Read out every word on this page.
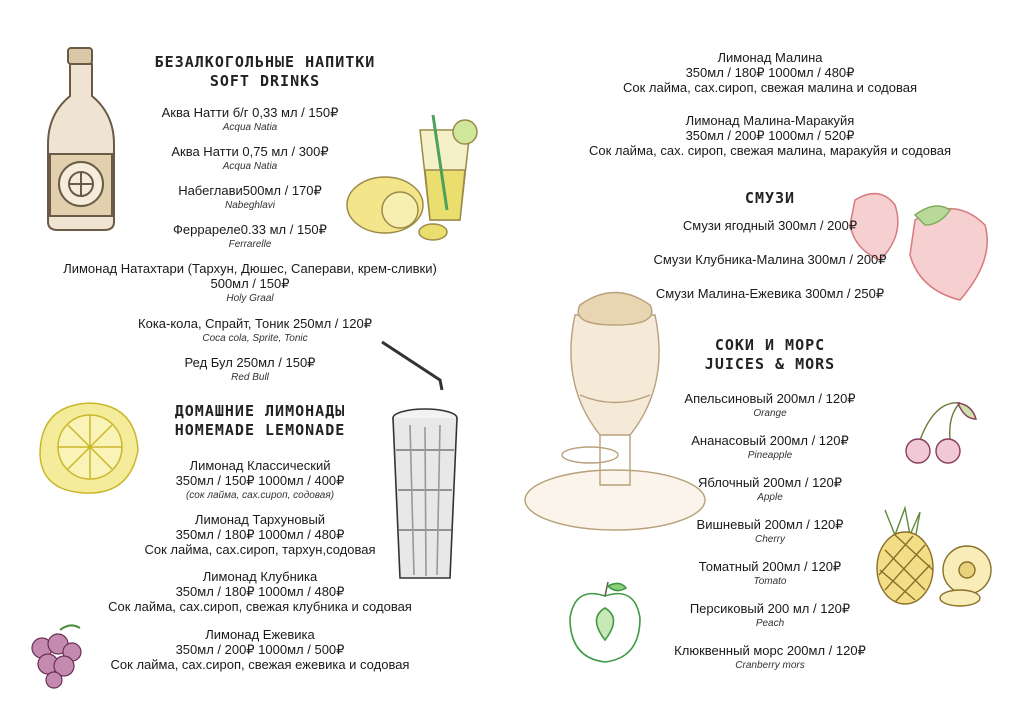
БЕЗАЛКОГОЛЬНЫЕ НАПИТКИ
SOFT DRINKS
Аква Натти б/г 0,33 мл / 150₽
Acqua Natia
Аква Натти 0,75 мл / 300₽
Acqua Natia
Набеглави500мл / 170₽
Nabeghlavi
Феррареле0.33 мл / 150₽
Ferrarelle
Лимонад Натахтари (Тархун, Дюшес, Саперави, крем-сливки)
500мл / 150₽
Holy Graal
Кока-кола, Спрайт, Тоник 250мл / 120₽
Coca cola, Sprite, Tonic
Ред Бул 250мл / 150₽
Red Bull
ДОМАШНИЕ ЛИМОНАДЫ
HOMEMADE LEMONADE
Лимонад Классический
350мл / 150₽ 1000мл / 400₽
(сок лайма, сах.сироп, содовая)
Лимонад Тархуновый
350мл / 180₽ 1000мл / 480₽
Сок лайма, сах.сироп, тархун,содовая
Лимонад Клубника
350мл / 180₽ 1000мл / 480₽
Сок лайма, сах.сироп, свежая клубника и содовая
Лимонад Ежевика
350мл / 200₽ 1000мл / 500₽
Сок лайма, сах.сироп, свежая ежевика и содовая
Лимонад Малина
350мл / 180₽ 1000мл / 480₽
Сок лайма, сах.сироп, свежая малина и содовая
Лимонад Малина-Маракуйя
350мл / 200₽ 1000мл / 520₽
Сок лайма, сах. сироп, свежая малина, маракуйя и содовая
СМУЗИ
Смузи ягодный 300мл / 200₽
Смузи Клубника-Малина 300мл / 200₽
Смузи Малина-Ежевика 300мл / 250₽
СОКИ И МОРС
JUICES & MORS
Апельсиновый 200мл / 120₽
Orange
Ананасовый 200мл / 120₽
Pineapple
Яблочный 200мл / 120₽
Apple
Вишневый 200мл / 120₽
Cherry
Томатный 200мл / 120₽
Tomato
Персиковый 200 мл / 120₽
Peach
Клюквенный морс 200мл / 120₽
Cranberry mors
